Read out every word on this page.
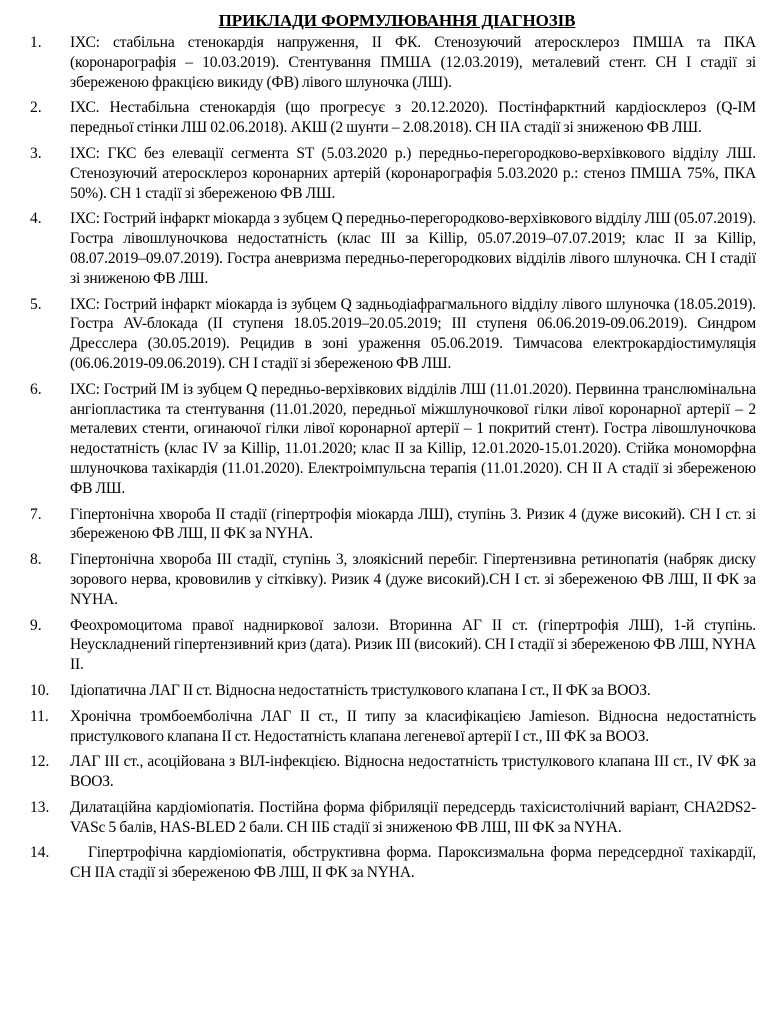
ПРИКЛАДИ ФОРМУЛЮВАННЯ ДІАГНОЗІВ
1.	ІХС: стабільна стенокардія напруження, ІІ ФК. Стенозуючий атеросклероз ПМША та ПКА (коронарографія – 10.03.2019). Стентування ПМША (12.03.2019), металевий стент. СН І стадії зі збереженою фракцією викиду (ФВ) лівого шлуночка (ЛШ).
2.	ІХС. Нестабільна стенокардія (що прогресує з 20.12.2020). Постінфарктний кардіосклероз (Q-ІМ передньої стінки ЛШ 02.06.2018). АКШ (2 шунти – 2.08.2018). СН ІІА стадії зі зниженою ФВ ЛШ.
3.	ІХС: ГКС без елевації сегмента ST (5.03.2020 р.) передньо-перегородково-верхівкового відділу ЛШ. Стенозуючий атеросклероз коронарних артерій (коронарографія 5.03.2020 р.: стеноз ПМША 75%, ПКА 50%). СН 1 стадії зі збереженою ФВ ЛШ.
4.	ІХС: Гострий інфаркт міокарда з зубцем Q передньо-перегородково-верхівкового відділу ЛШ (05.07.2019). Гостра лівошлуночкова недостатність (клас ІІІ за Killip, 05.07.2019–07.07.2019; клас ІІ за Killip, 08.07.2019–09.07.2019). Гостра аневризма передньо-перегородкових відділів лівого шлуночка. СН І стадії зі зниженою ФВ ЛШ.
5.	ІХС: Гострий інфаркт міокарда із зубцем Q задньодіафрагмального відділу лівого шлуночка (18.05.2019). Гостра AV-блокада (ІІ ступеня 18.05.2019–20.05.2019; ІІІ ступеня 06.06.2019-09.06.2019). Синдром Дресслера (30.05.2019). Рецидив в зоні ураження 05.06.2019. Тимчасова електрокардіостимуляція (06.06.2019-09.06.2019). СН І стадії зі збереженою ФВ ЛШ.
6.	ІХС: Гострий ІМ із зубцем Q передньо-верхівкових відділів ЛШ (11.01.2020). Первинна транслюмінальна ангіопластика та стентування (11.01.2020, передньої міжшлуночкової гілки лівої коронарної артерії – 2 металевих стенти, огинаючої гілки лівої коронарної артерії – 1 покритий стент). Гостра лівошлуночкова недостатність (клас IV за Killip, 11.01.2020; клас ІІ за Killip, 12.01.2020-15.01.2020). Стійка мономорфна шлуночкова тахікардія (11.01.2020). Електроімпульсна терапія (11.01.2020). СН ІІ А стадії зі збереженою ФВ ЛШ.
7.	Гіпертонічна хвороба ІІ стадії (гіпертрофія міокарда ЛШ), ступінь 3. Ризик 4 (дуже високий). СН І ст. зі збереженою ФВ ЛШ, ІІ ФК за NYHA.
8.	Гіпертонічна хвороба ІІІ стадії, ступінь 3, злоякісний перебіг. Гіпертензивна ретинопатія (набряк диску зорового нерва, крововилив у сітківку). Ризик 4 (дуже високий).СН І ст. зі збереженою ФВ ЛШ, ІІ ФК за NYHA.
9.	Феохромоцитома правої надниркової залози. Вторинна АГ ІІ ст. (гіпертрофія ЛШ), 1-й ступінь. Неускладнений гіпертензивний криз (дата). Ризик ІІІ (високий). СН І стадії зі збереженою ФВ ЛШ, NYHA ІІ.
10.	Ідіопатична ЛАГ ІІ ст. Відносна недостатність тристулкового клапана І ст., ІІ ФК за ВООЗ.
11.	Хронічна тромбоемболічна ЛАГ ІІ ст., ІІ типу за класифікацією Jamieson. Відносна недостатність пристулкового клапана ІІ ст. Недостатність клапана легеневої артерії І ст., ІІІ ФК за ВООЗ.
12.	ЛАГ ІІІ ст., асоційована з ВІЛ-інфекцією. Відносна недостатність тристулкового клапана ІІІ ст., IV ФК за ВООЗ.
13.	Дилатаційна кардіоміопатія. Постійна форма фібриляції передсердь тахісистолічний варіант, CHA2DS2-VASc 5 балів, HAS-BLED 2 бали. СН ІІБ стадії зі зниженою ФВ ЛШ, ІІІ ФК за NYHA.
14.	Гіпертрофічна кардіоміопатія, обструктивна форма. Пароксизмальна форма передсердної тахікардії, СН ІІА стадії зі збереженою ФВ ЛШ, ІІ ФК за NYHA.
